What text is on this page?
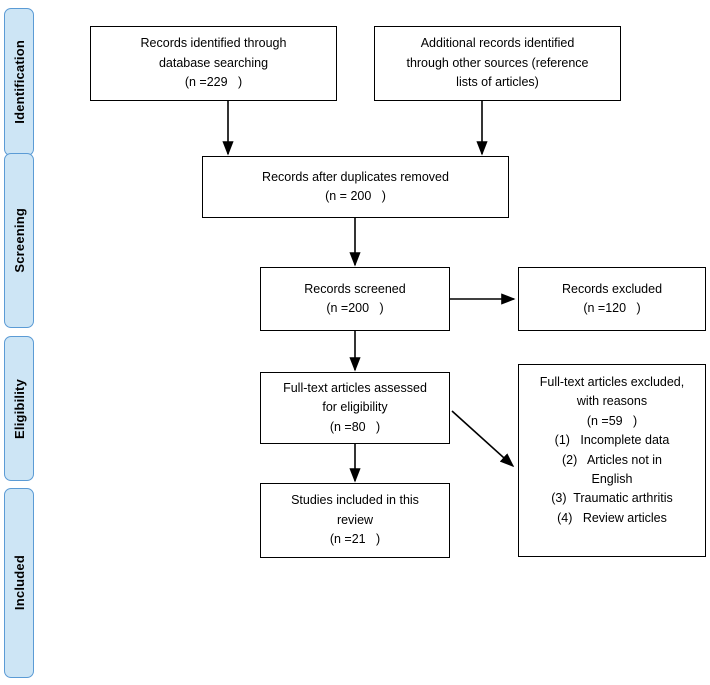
Identification
Screening
Eligibility
Included
Records identified through
database searching
(n =229   )
Additional records identified
through other sources (reference
lists of articles)
Records after duplicates removed
(n = 200   )
Records screened
(n =200   )
Records excluded
(n =120   )
Full-text articles assessed
for eligibility
(n =80   )
Full-text articles excluded,
with reasons
(n =59   )
(1)   Incomplete data
(2)   Articles not in
English
(3)  Traumatic arthritis
(4)   Review articles
Studies included in this
review
(n =21   )
